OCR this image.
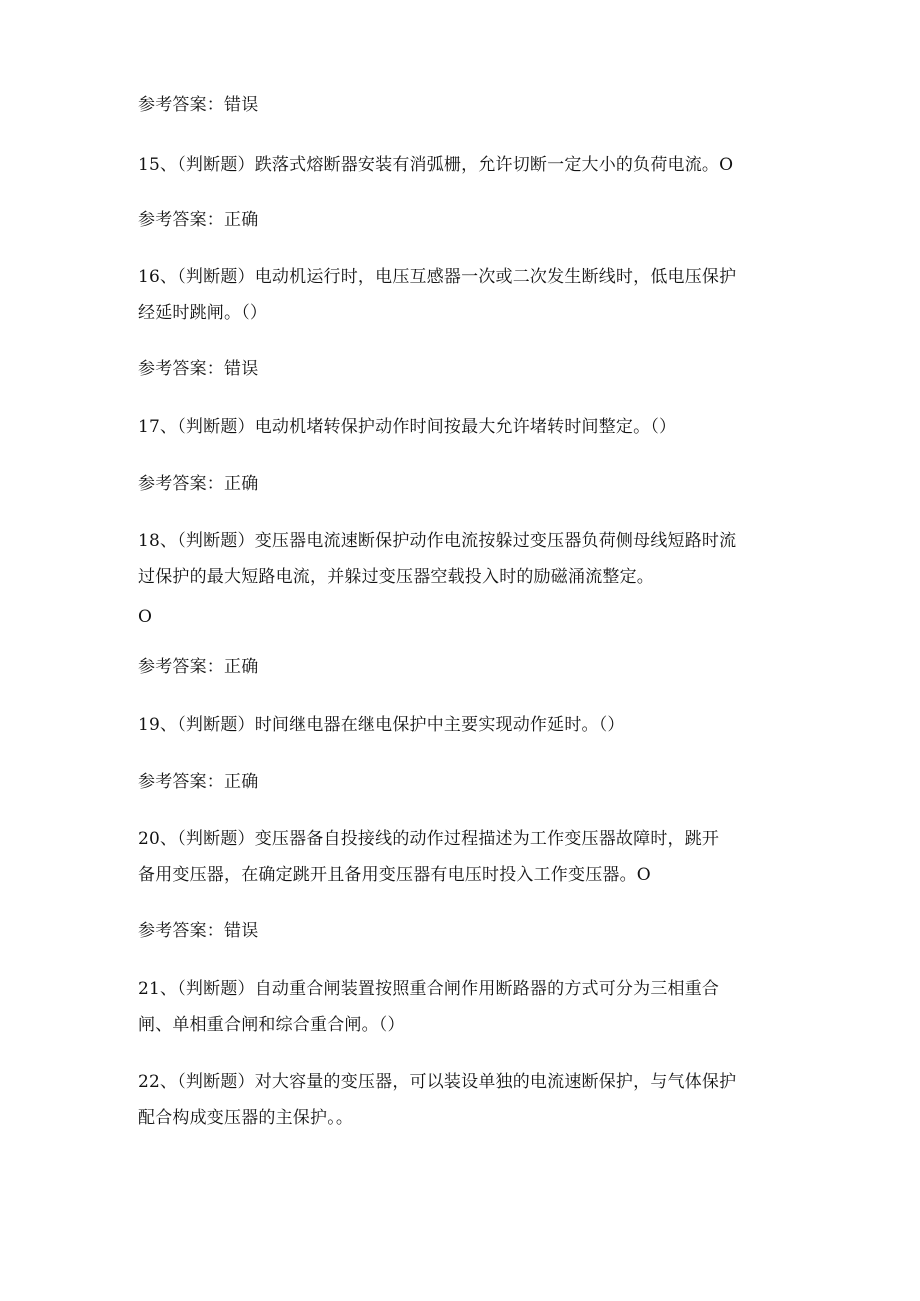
参考答案：错误
15、（判断题）跌落式熔断器安装有消弧栅，允许切断一定大小的负荷电流。O
参考答案：正确
16、（判断题）电动机运行时，电压互感器一次或二次发生断线时，低电压保护
经延时跳闸。（）
参考答案：错误
17、（判断题）电动机堵转保护动作时间按最大允许堵转时间整定。（）
参考答案：正确
18、（判断题）变压器电流速断保护动作电流按躲过变压器负荷侧母线短路时流
过保护的最大短路电流，并躲过变压器空载投入时的励磁涌流整定。
O
参考答案：正确
19、（判断题）时间继电器在继电保护中主要实现动作延时。（）
参考答案：正确
20、（判断题）变压器备自投接线的动作过程描述为工作变压器故障时，跳开
备用变压器，在确定跳开且备用变压器有电压时投入工作变压器。O
参考答案：错误
21、（判断题）自动重合闸装置按照重合闸作用断路器的方式可分为三相重合
闸、单相重合闸和综合重合闸。（）
22、（判断题）对大容量的变压器，可以装设单独的电流速断保护，与气体保护
配合构成变压器的主保护。。
